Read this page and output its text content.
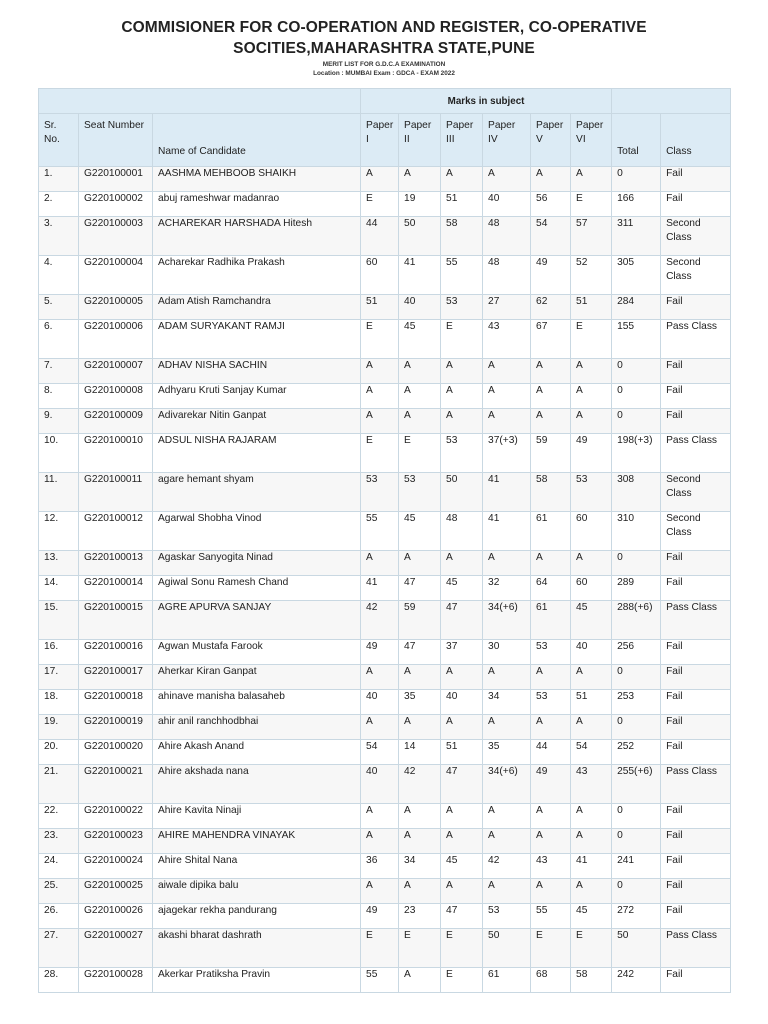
COMMISIONER FOR CO-OPERATION AND REGISTER, CO-OPERATIVE
SOCITIES,MAHARASHTRA STATE,PUNE
MERIT LIST FOR G.D.C.A EXAMINATION
Location : MUMBAI Exam : GDCA - EXAM 2022
			Marks in subject							
Sr. No.	Seat Number	Name of Candidate	Paper I	Paper II	Paper III	Paper IV	Paper V	Paper VI	Total	Class
1.	G220100001	AASHMA MEHBOOB SHAIKH	A	A	A	A	A	A	0	Fail
2.	G220100002	abuj rameshwar madanrao	E	19	51	40	56	E	166	Fail
3.	G220100003	ACHAREKAR HARSHADA Hitesh	44	50	58	48	54	57	311	Second Class
4.	G220100004	Acharekar Radhika Prakash	60	41	55	48	49	52	305	Second Class
5.	G220100005	Adam Atish Ramchandra	51	40	53	27	62	51	284	Fail
6.	G220100006	ADAM SURYAKANT RAMJI	E	45	E	43	67	E	155	Pass Class
7.	G220100007	ADHAV NISHA SACHIN	A	A	A	A	A	A	0	Fail
8.	G220100008	Adhyaru Kruti Sanjay Kumar	A	A	A	A	A	A	0	Fail
9.	G220100009	Adivarekar Nitin Ganpat	A	A	A	A	A	A	0	Fail
10.	G220100010	ADSUL NISHA RAJARAM	E	E	53	37(+3)	59	49	198(+3)	Pass Class
11.	G220100011	agare hemant shyam	53	53	50	41	58	53	308	Second Class
12.	G220100012	Agarwal Shobha Vinod	55	45	48	41	61	60	310	Second Class
13.	G220100013	Agaskar Sanyogita Ninad	A	A	A	A	A	A	0	Fail
14.	G220100014	Agiwal Sonu Ramesh Chand	41	47	45	32	64	60	289	Fail
15.	G220100015	AGRE APURVA SANJAY	42	59	47	34(+6)	61	45	288(+6)	Pass Class
16.	G220100016	Agwan Mustafa Farook	49	47	37	30	53	40	256	Fail
17.	G220100017	Aherkar Kiran Ganpat	A	A	A	A	A	A	0	Fail
18.	G220100018	ahinave manisha balasaheb	40	35	40	34	53	51	253	Fail
19.	G220100019	ahir anil ranchhodbhai	A	A	A	A	A	A	0	Fail
20.	G220100020	Ahire Akash Anand	54	14	51	35	44	54	252	Fail
21.	G220100021	Ahire akshada nana	40	42	47	34(+6)	49	43	255(+6)	Pass Class
22.	G220100022	Ahire Kavita Ninaji	A	A	A	A	A	A	0	Fail
23.	G220100023	AHIRE MAHENDRA VINAYAK	A	A	A	A	A	A	0	Fail
24.	G220100024	Ahire Shital Nana	36	34	45	42	43	41	241	Fail
25.	G220100025	aiwale dipika balu	A	A	A	A	A	A	0	Fail
26.	G220100026	ajagekar rekha pandurang	49	23	47	53	55	45	272	Fail
27.	G220100027	akashi bharat dashrath	E	E	E	50	E	E	50	Pass Class
28.	G220100028	Akerkar Pratiksha Pravin	55	A	E	61	68	58	242	Fail
